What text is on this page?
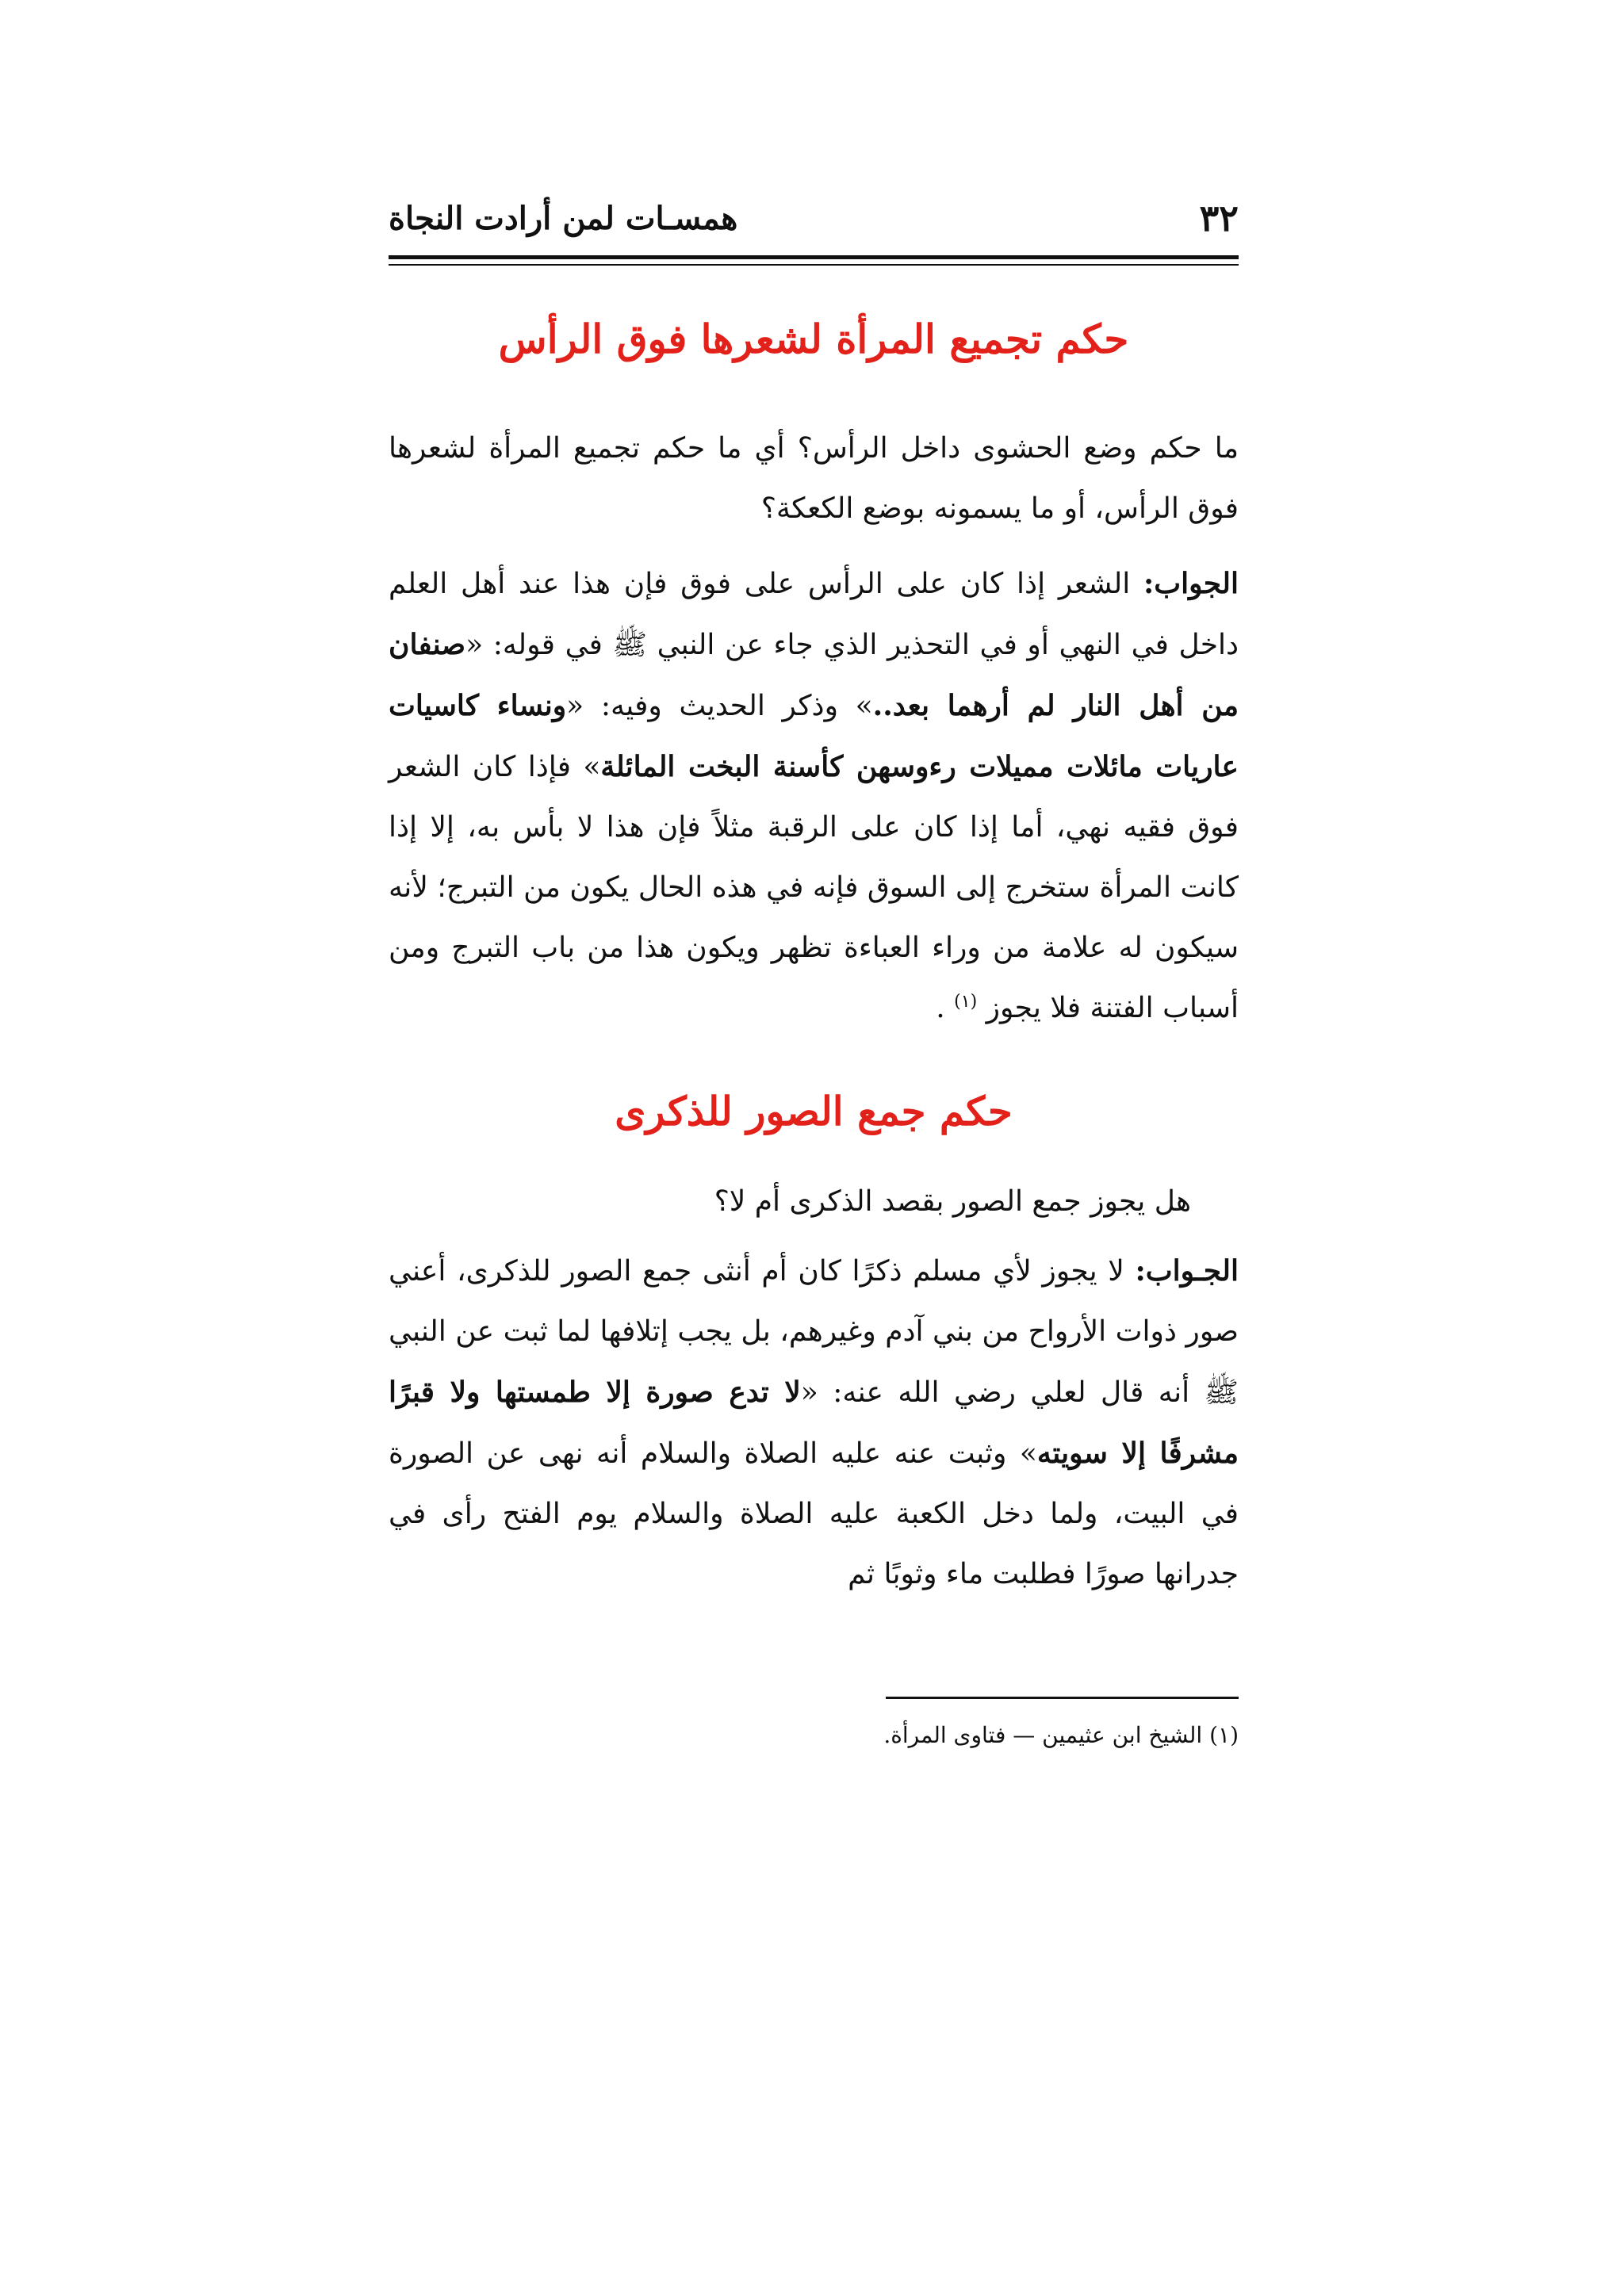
٣٢
همسـات لمن أرادت النجاة
حكم تجميع المرأة لشعرها فوق الرأس

ما حكم وضع الحشوى داخل الرأس؟ أي ما حكم تجميع المرأة لشعرها فوق الرأس، أو ما يسمونه بوضع الكعكة؟

الجواب: الشعر إذا كان على الرأس على فوق فإن هذا عند أهل العلم داخل في النهي أو في التحذير الذي جاء عن النبي ﷺ في قوله: «صنفان من أهل النار لم أرهما بعد..» وذكر الحديث وفيه: «ونساء كاسيات عاريات مائلات مميلات رءوسهن كأسنة البخت المائلة» فإذا كان الشعر فوق فقيه نهي، أما إذا كان على الرقبة مثلاً فإن هذا لا بأس به، إلا إذا كانت المرأة ستخرج إلى السوق فإنه في هذه الحال يكون من التبرج؛ لأنه سيكون له علامة من وراء العباءة تظهر ويكون هذا من باب التبرج ومن أسباب الفتنة فلا يجوز $^{(١)}$ .

حكم جمع الصور للذكرى

هل يجوز جمع الصور بقصد الذكرى أم لا؟

الجـواب: لا يجوز لأي مسلم ذكرًا كان أم أنثى جمع الصور للذكرى، أعني صور ذوات الأرواح من بني آدم وغيرهم، بل يجب إتلافها لما ثبت عن النبي ﷺ أنه قال لعلي رضي الله عنه: «لا تدع صورة إلا طمستها ولا قبرًا مشرفًا إلا سويته» وثبت عنه عليه الصلاة والسلام أنه نهى عن الصورة في البيت، ولما دخل الكعبة عليه الصلاة والسلام يوم الفتح رأى في جدرانها صورًا فطلبت ماء وثوبًا ثم

(١) الشيخ ابن عثيمين — فتاوى المرأة.
